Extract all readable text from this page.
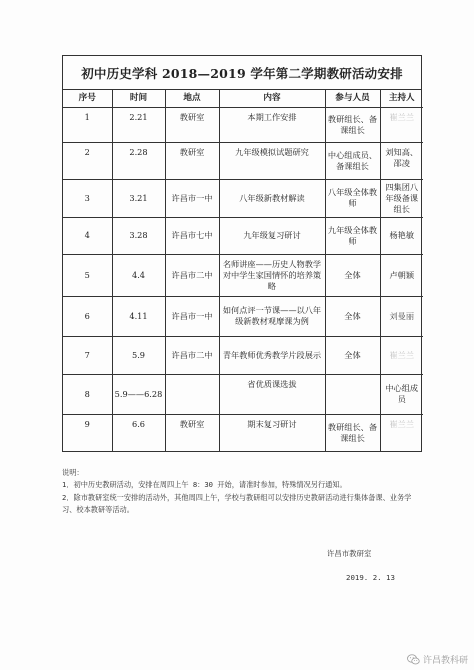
初中历史学科 2018—2019 学年第二学期教研活动安排
序号	时间	地点	内容	参与人员	主持人
1	2.21	教研室	本期工作安排	教研组长、备课组长	崔兰兰
2	2.28	教研室	九年级模拟试题研究	中心组成员、备课组长	刘知高、邵凌
3	3.21	许昌市一中	八年级新教材解读	八年级全体教师	四集团八年级备课组长
4	3.28	许昌市七中	九年级复习研讨	九年级全体教师	杨艳敏
5	4.4	许昌市二中	名师讲座——历史人物教学对中学生家国情怀的培养策略	全体	卢朝颖
6	4.11	许昌市一中	如何点评一节课——以八年级新教材观摩课为例	全体	刘曼丽
7	5.9	许昌市二中	青年教师优秀教学片段展示	全体	崔兰兰
8	5.9——6.28		省优质课选拔		中心组成员
9	6.6	教研室	期末复习研讨	教研组长、备课组长	崔兰兰

说明：

1．初中历史教研活动，安排在周四上午 8：30 开始，请准时参加，特殊情况另行通知。

2．除市教研室统一安排的活动外，其他周四上午，学校与教研组可以安排历史教研活动进行集体备课、业务学习、校本教研等活动。

许昌市教研室
2019. 2. 13
许昌教科研
